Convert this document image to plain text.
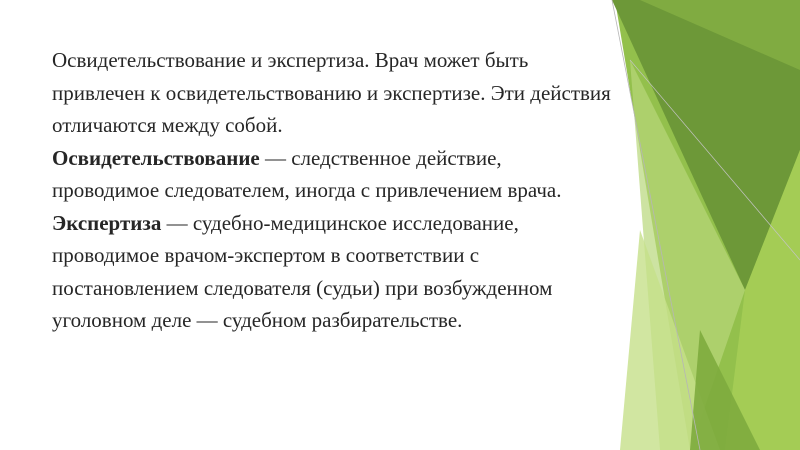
Освидетельствование и экспертиза. Врач может быть привлечен к освидетельствованию и экспертизе. Эти действия отличаются между собой.

Освидетельствование — следственное действие, проводимое следователем, иногда с привлечением врача.

Экспертиза — судебно-медицинское исследование, проводимое врачом-экспертом в соответствии с постановлением следователя (судьи) при возбужденном уголовном деле — судебном разбирательстве.
